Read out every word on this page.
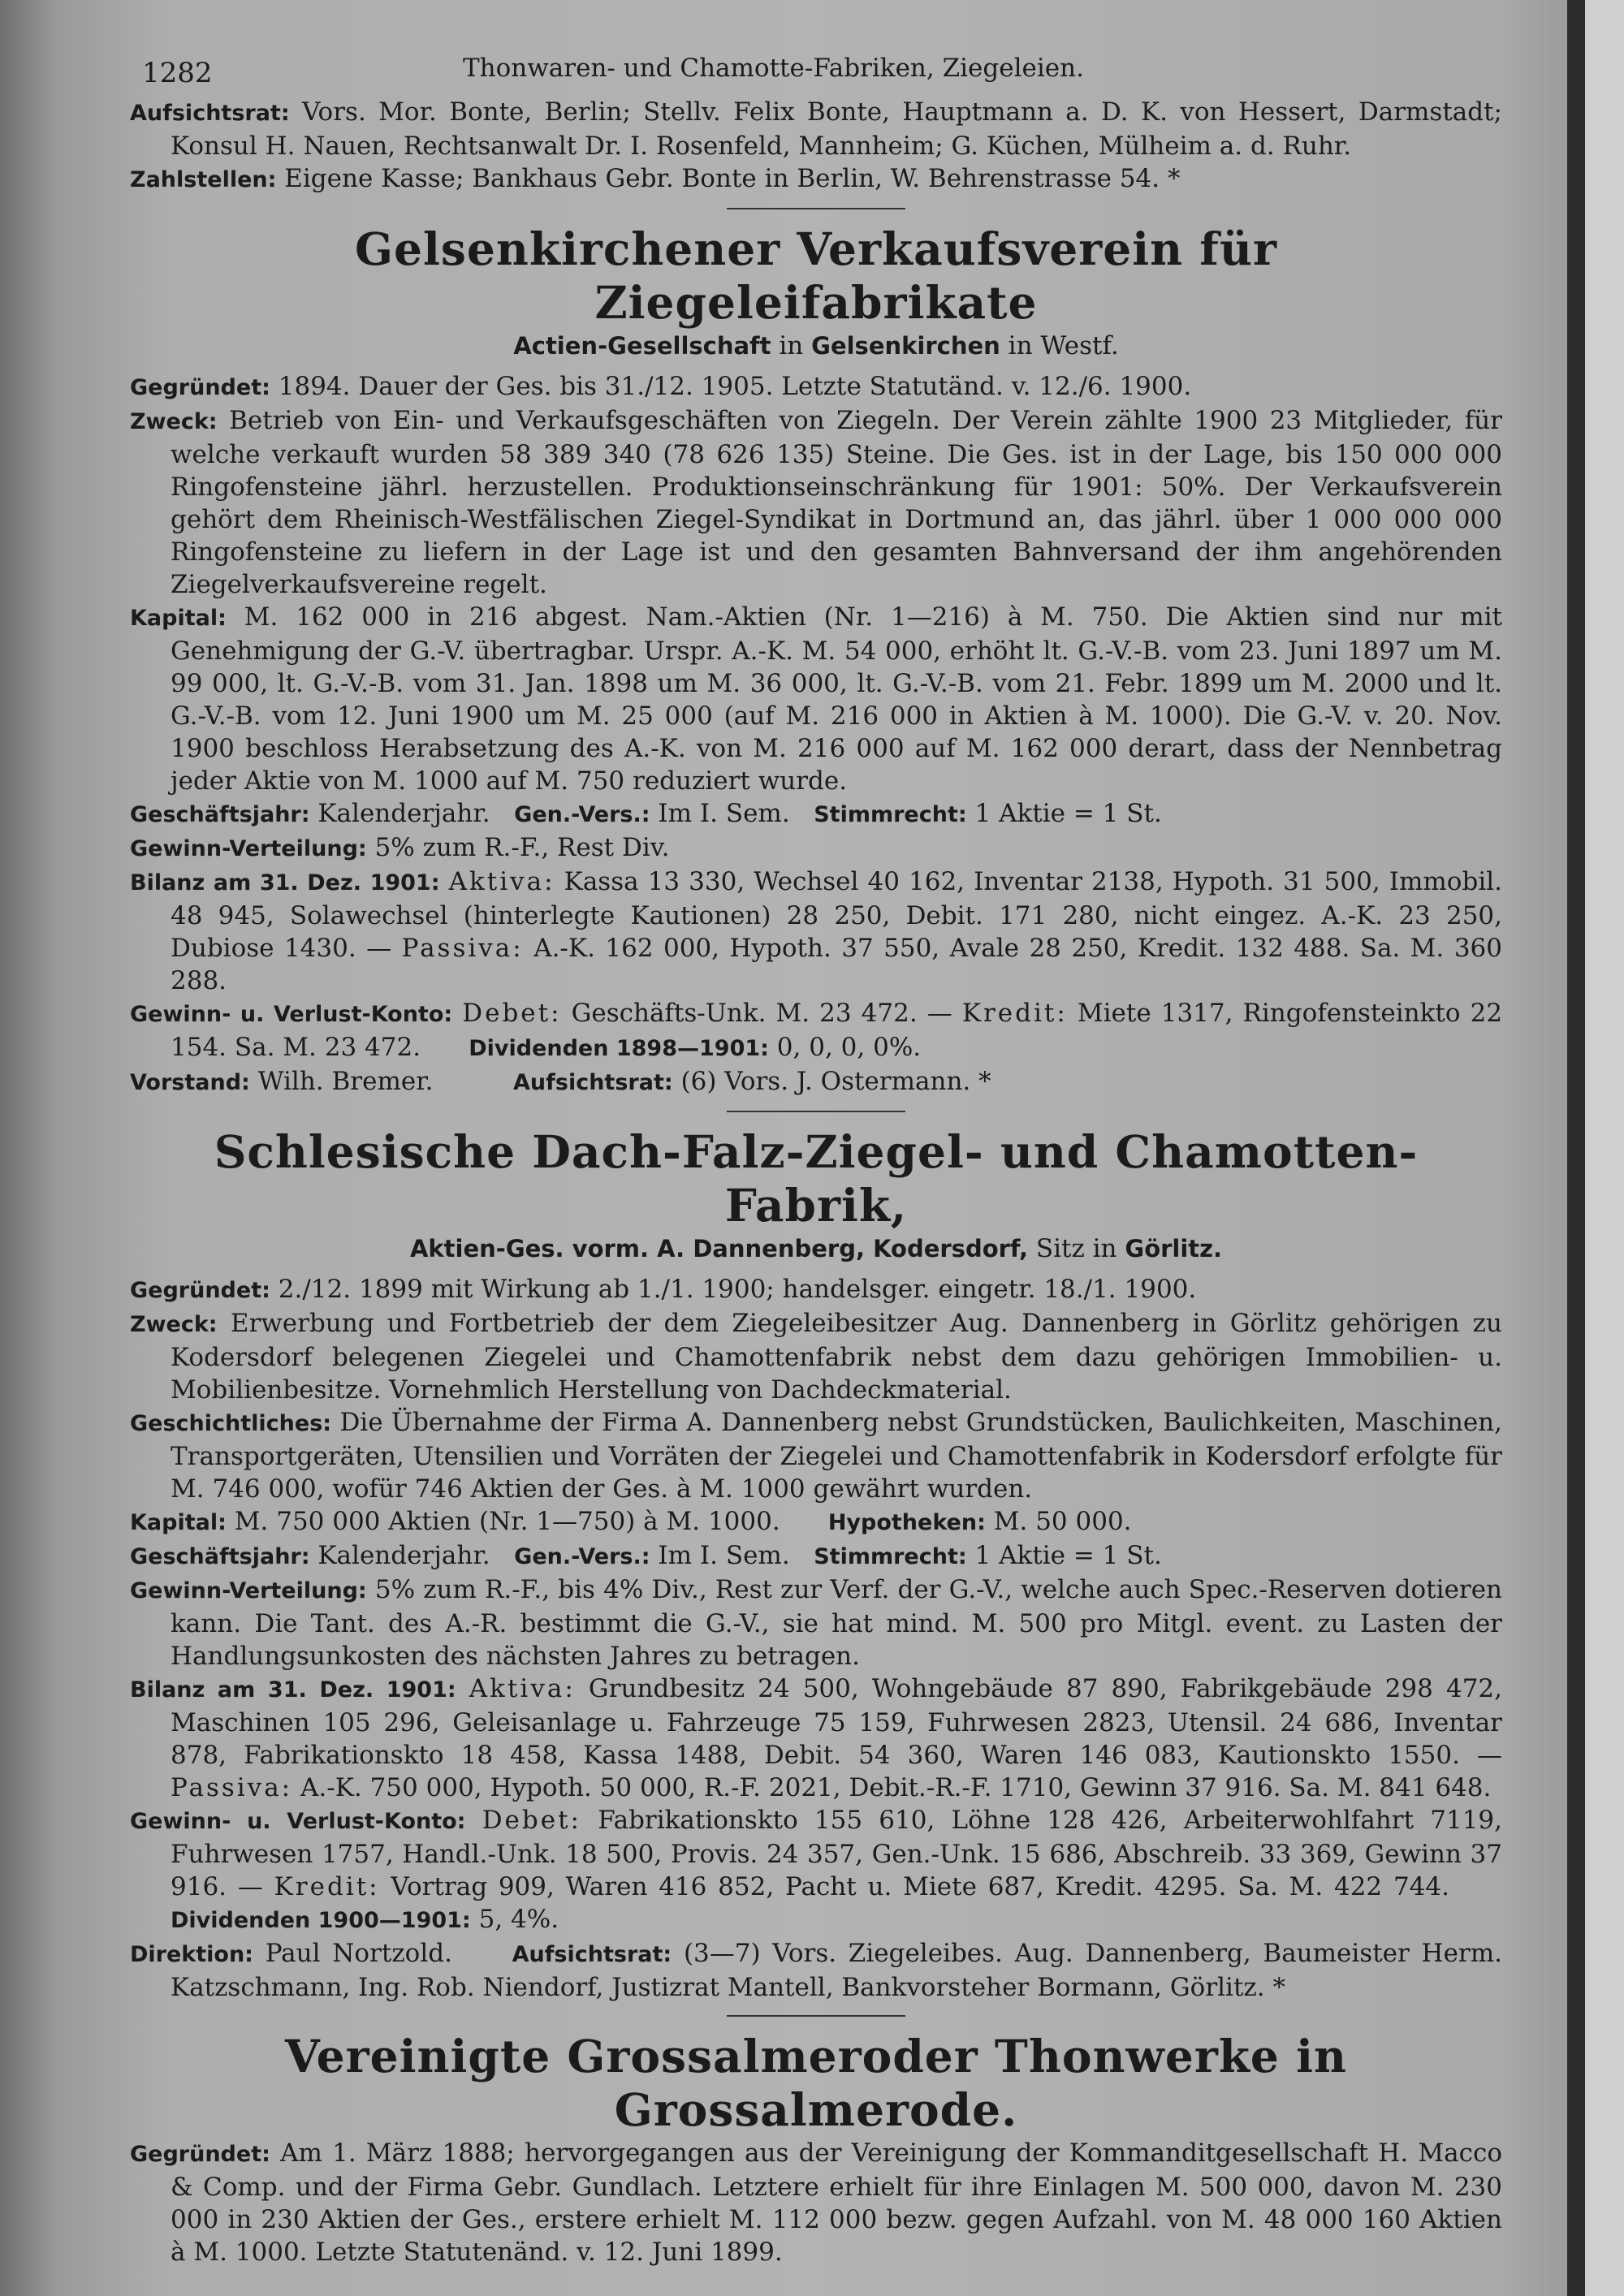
1282	Thonwaren- und Chamotte-Fabriken, Ziegeleien.
Aufsichtsrat: Vors. Mor. Bonte, Berlin; Stellv. Felix Bonte, Hauptmann a. D. K. von Hessert, Darmstadt; Konsul H. Nauen, Rechtsanwalt Dr. I. Rosenfeld, Mannheim; G. Küchen, Mülheim a. d. Ruhr.
Zahlstellen: Eigene Kasse; Bankhaus Gebr. Bonte in Berlin, W. Behrenstrasse 54. *
Gelsenkirchener Verkaufsverein für Ziegeleifabrikate
Actien-Gesellschaft in Gelsenkirchen in Westf.
Gegründet: 1894. Dauer der Ges. bis 31./12. 1905. Letzte Statutänd. v. 12./6. 1900.
Zweck: Betrieb von Ein- und Verkaufsgeschäften von Ziegeln. Der Verein zählte 1900 23 Mitglieder, für welche verkauft wurden 58 389 340 (78 626 135) Steine. Die Ges. ist in der Lage, bis 150 000 000 Ringofensteine jährl. herzustellen. Produktionseinschränkung für 1901: 50%. Der Verkaufsverein gehört dem Rheinisch-Westfälischen Ziegel-Syndikat in Dortmund an, das jährl. über 1 000 000 000 Ringofensteine zu liefern in der Lage ist und den gesamten Bahnversand der ihm angehörenden Ziegelverkaufsvereine regelt.
Kapital: M. 162 000 in 216 abgest. Nam.-Aktien (Nr. 1—216) à M. 750. Die Aktien sind nur mit Genehmigung der G.-V. übertragbar. Urspr. A.-K. M. 54 000, erhöht lt. G.-V.-B. vom 23. Juni 1897 um M. 99 000, lt. G.-V.-B. vom 31. Jan. 1898 um M. 36 000, lt. G.-V.-B. vom 21. Febr. 1899 um M. 2000 und lt. G.-V.-B. vom 12. Juni 1900 um M. 25 000 (auf M. 216 000 in Aktien à M. 1000). Die G.-V. v. 20. Nov. 1900 beschloss Herabsetzung des A.-K. von M. 216 000 auf M. 162 000 derart, dass der Nennbetrag jeder Aktie von M. 1000 auf M. 750 reduziert wurde.
Geschäftsjahr: Kalenderjahr. Gen.-Vers.: Im I. Sem. Stimmrecht: 1 Aktie = 1 St.
Gewinn-Verteilung: 5% zum R.-F., Rest Div.
Bilanz am 31. Dez. 1901: Aktiva: Kassa 13 330, Wechsel 40 162, Inventar 2138, Hypoth. 31 500, Immobil. 48 945, Solawechsel (hinterlegte Kautionen) 28 250, Debit. 171 280, nicht eingez. A.-K. 23 250, Dubiose 1430. — Passiva: A.-K. 162 000, Hypoth. 37 550, Avale 28 250, Kredit. 132 488. Sa. M. 360 288.
Gewinn- u. Verlust-Konto: Debet: Geschäfts-Unk. M. 23 472. — Kredit: Miete 1317, Ringofensteinkto 22 154. Sa. M. 23 472. Dividenden 1898—1901: 0, 0, 0, 0%.
Vorstand: Wilh. Bremer.	Aufsichtsrat: (6) Vors. J. Ostermann. *
Schlesische Dach-Falz-Ziegel- und Chamotten-Fabrik,
Aktien-Ges. vorm. A. Dannenberg, Kodersdorf, Sitz in Görlitz.
Gegründet: 2./12. 1899 mit Wirkung ab 1./1. 1900; handelsger. eingetr. 18./1. 1900.
Zweck: Erwerbung und Fortbetrieb der dem Ziegeleibesitzer Aug. Dannenberg in Görlitz gehörigen zu Kodersdorf belegenen Ziegelei und Chamottenfabrik nebst dem dazu gehörigen Immobilien- u. Mobilienbesitze. Vornehmlich Herstellung von Dachdeckmaterial.
Geschichtliches: Die Übernahme der Firma A. Dannenberg nebst Grundstücken, Baulichkeiten, Maschinen, Transportgeräten, Utensilien und Vorräten der Ziegelei und Chamottenfabrik in Kodersdorf erfolgte für M. 746 000, wofür 746 Aktien der Ges. à M. 1000 gewährt wurden.
Kapital: M. 750 000 Aktien (Nr. 1—750) à M. 1000. Hypotheken: M. 50 000.
Geschäftsjahr: Kalenderjahr. Gen.-Vers.: Im I. Sem. Stimmrecht: 1 Aktie = 1 St.
Gewinn-Verteilung: 5% zum R.-F., bis 4% Div., Rest zur Verf. der G.-V., welche auch Spec.-Reserven dotieren kann. Die Tant. des A.-R. bestimmt die G.-V., sie hat mind. M. 500 pro Mitgl. event. zu Lasten der Handlungsunkosten des nächsten Jahres zu betragen.
Bilanz am 31. Dez. 1901: Aktiva: Grundbesitz 24 500, Wohngebäude 87 890, Fabrikgebäude 298 472, Maschinen 105 296, Geleisanlage u. Fahrzeuge 75 159, Fuhrwesen 2823, Utensil. 24 686, Inventar 878, Fabrikationskto 18 458, Kassa 1488, Debit. 54 360, Waren 146 083, Kautionskto 1550. — Passiva: A.-K. 750 000, Hypoth. 50 000, R.-F. 2021, Debit.-R.-F. 1710, Gewinn 37 916. Sa. M. 841 648.
Gewinn- u. Verlust-Konto: Debet: Fabrikationskto 155 610, Löhne 128 426, Arbeiterwohlfahrt 7119, Fuhrwesen 1757, Handl.-Unk. 18 500, Provis. 24 357, Gen.-Unk. 15 686, Abschreib. 33 369, Gewinn 37 916. — Kredit: Vortrag 909, Waren 416 852, Pacht u. Miete 687, Kredit. 4295. Sa. M. 422 744.      Dividenden 1900—1901: 5, 4%.
Direktion: Paul Nortzold.	Aufsichtsrat: (3—7) Vors. Ziegeleibes. Aug. Dannenberg, Baumeister Herm. Katzschmann, Ing. Rob. Niendorf, Justizrat Mantell, Bankvorsteher Bormann, Görlitz. *
Vereinigte Grossalmeroder Thonwerke in Grossalmerode.
Gegründet: Am 1. März 1888; hervorgegangen aus der Vereinigung der Kommanditgesellschaft H. Macco & Comp. und der Firma Gebr. Gundlach. Letztere erhielt für ihre Einlagen M. 500 000, davon M. 230 000 in 230 Aktien der Ges., erstere erhielt M. 112 000 bezw. gegen Aufzahl. von M. 48 000 160 Aktien à M. 1000. Letzte Statutenänd. v. 12. Juni 1899.
